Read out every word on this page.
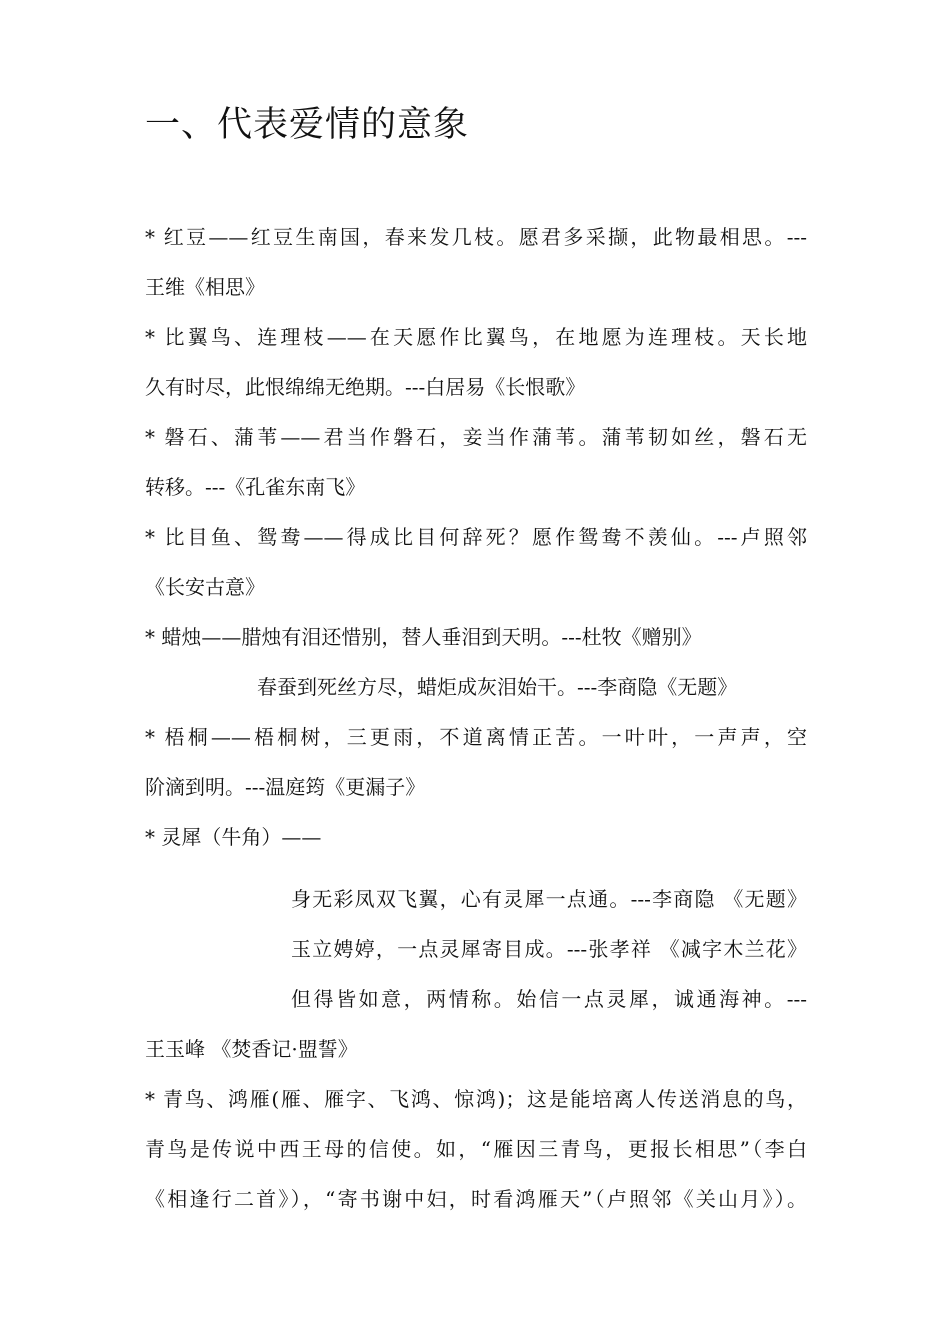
一、代表爱情的意象
* 红豆——红豆生南国，春来发几枝。愿君多采撷，此物最相思。---
王维《相思》
* 比翼鸟、连理枝——在天愿作比翼鸟，在地愿为连理枝。天长地
久有时尽，此恨绵绵无绝期。---白居易《长恨歌》
* 磐石、蒲苇——君当作磐石，妾当作蒲苇。蒲苇韧如丝，磐石无
转移。---《孔雀东南飞》
* 比目鱼、鸳鸯——得成比目何辞死？愿作鸳鸯不羡仙。---卢照邻
《长安古意》
* 蜡烛——腊烛有泪还惜别，替人垂泪到天明。---杜牧《赠别》
春蚕到死丝方尽，蜡炬成灰泪始干。---李商隐《无题》
* 梧桐——梧桐树，三更雨，不道离情正苦。一叶叶，一声声，空
阶滴到明。---温庭筠《更漏子》
* 灵犀（牛角）——
身无彩凤双飞翼，心有灵犀一点通。---李商隐 《无题》
玉立娉婷，一点灵犀寄目成。---张孝祥 《减字木兰花》
但得皆如意，两情称。始信一点灵犀，诚通海神。---
王玉峰 《焚香记·盟誓》
* 青鸟、鸿雁(雁、雁字、飞鸿、惊鸿)；这是能培离人传送消息的鸟，
青鸟是传说中西王母的信使。如，“雁因三青鸟，更报长相思”（李白
《相逢行二首》），“寄书谢中妇，时看鸿雁天”（卢照邻《关山月》）。
